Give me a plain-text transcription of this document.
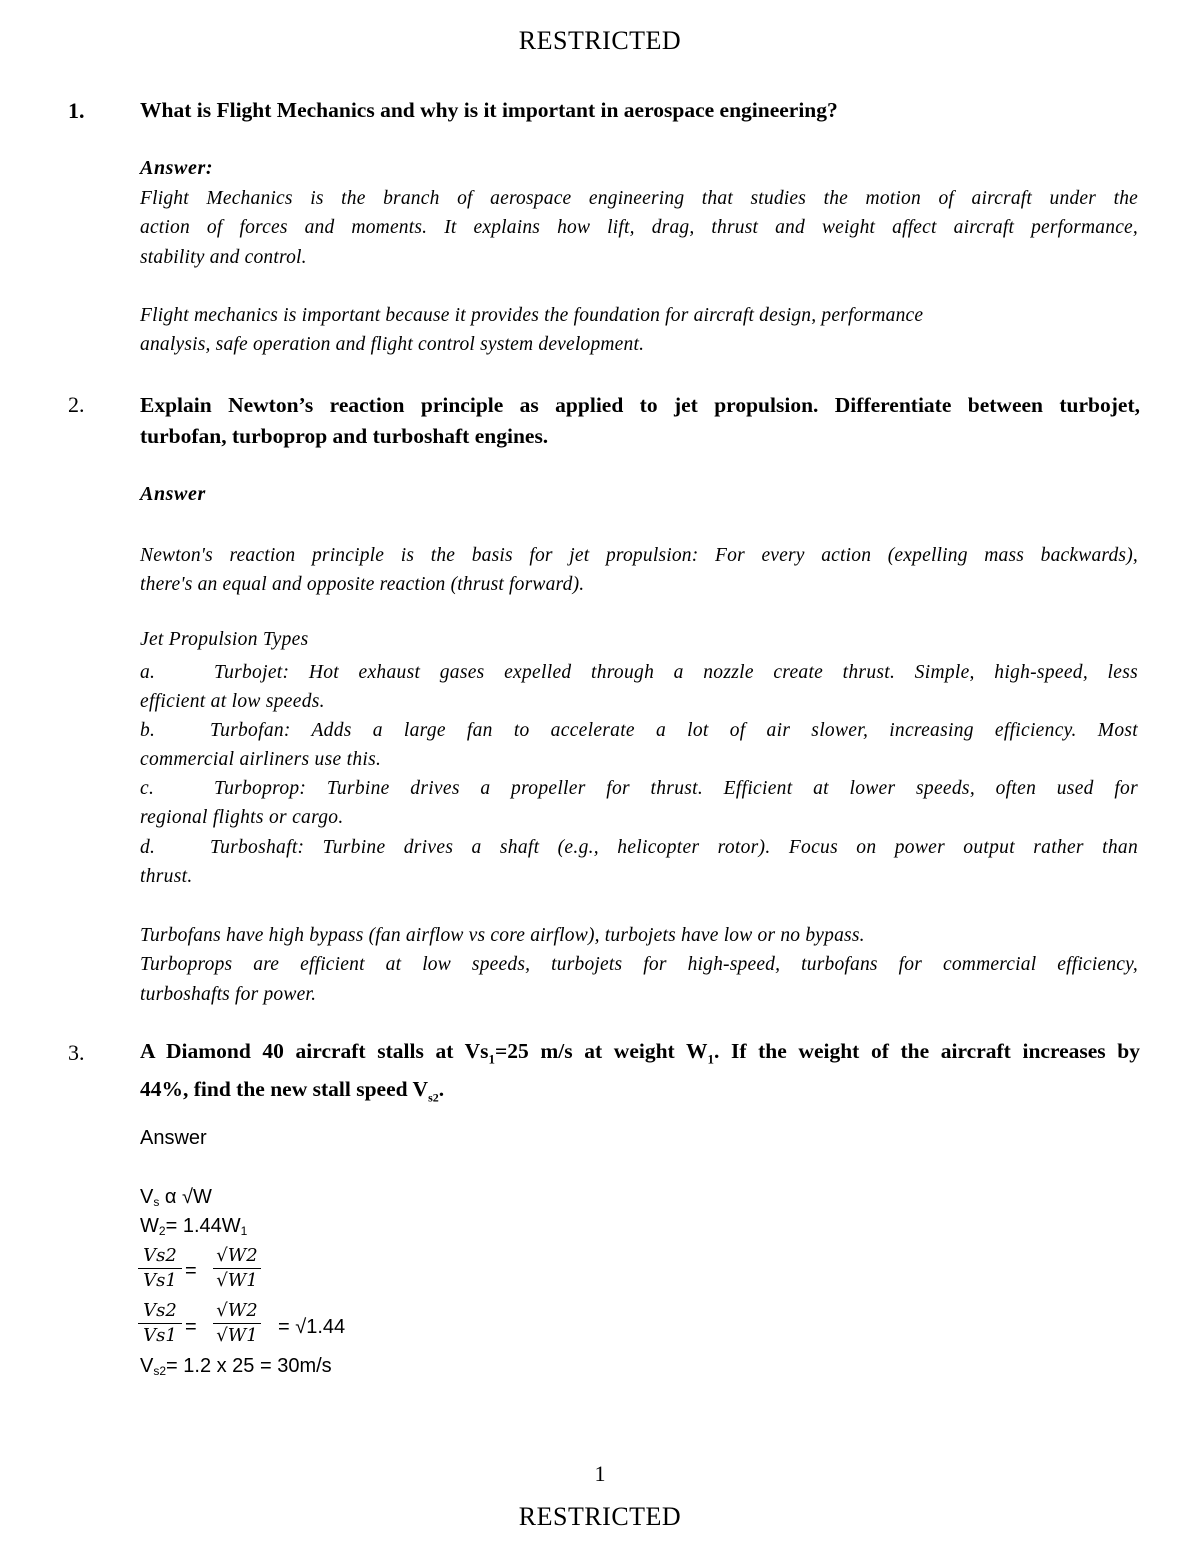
RESTRICTED
1.	What is Flight Mechanics and why is it important in aerospace engineering?
Answer:
Flight Mechanics is the branch of aerospace engineering that studies the motion of aircraft under the
action of forces and moments. It explains how lift, drag, thrust and weight affect aircraft performance,
stability and control.
Flight mechanics is important because it provides the foundation for aircraft design, performance
analysis, safe operation and flight control system development.
2.	Explain Newton’s reaction principle as applied to jet propulsion. Differentiate between turbojet,
turbofan, turboprop and turboshaft engines.
Answer
Newton's reaction principle is the basis for jet propulsion: For every action (expelling mass backwards),
there's an equal and opposite reaction (thrust forward).
Jet Propulsion Types
a.	Turbojet: Hot exhaust gases expelled through a nozzle create thrust. Simple, high-speed, less
efficient at low speeds.
b.	Turbofan: Adds a large fan to accelerate a lot of air slower, increasing efficiency. Most
commercial airliners use this.
c.	Turboprop: Turbine drives a propeller for thrust. Efficient at lower speeds, often used for
regional flights or cargo.
d.	Turboshaft: Turbine drives a shaft (e.g., helicopter rotor). Focus on power output rather than
thrust.
Turbofans have high bypass (fan airflow vs core airflow), turbojets have low or no bypass.
Turboprops are efficient at low speeds, turbojets for high-speed, turbofans for commercial efficiency,
turboshafts for power.
3.	A Diamond 40 aircraft stalls at $Vs_1=25$ m/s at weight $W_1$. If the weight of the aircraft increases by
44%, find the new stall speed $V_{s2}$.
Answer
$V_s$ α √W
$W_2= 1.44W_1$
$\frac{Vs2}{Vs1} = \frac{√W2}{√W1}$
$\frac{Vs2}{Vs1} = \frac{√W2}{√W1} = √1.44$
$V_{s2}= 1.2$ x 25 = 30m/s
1
RESTRICTED
